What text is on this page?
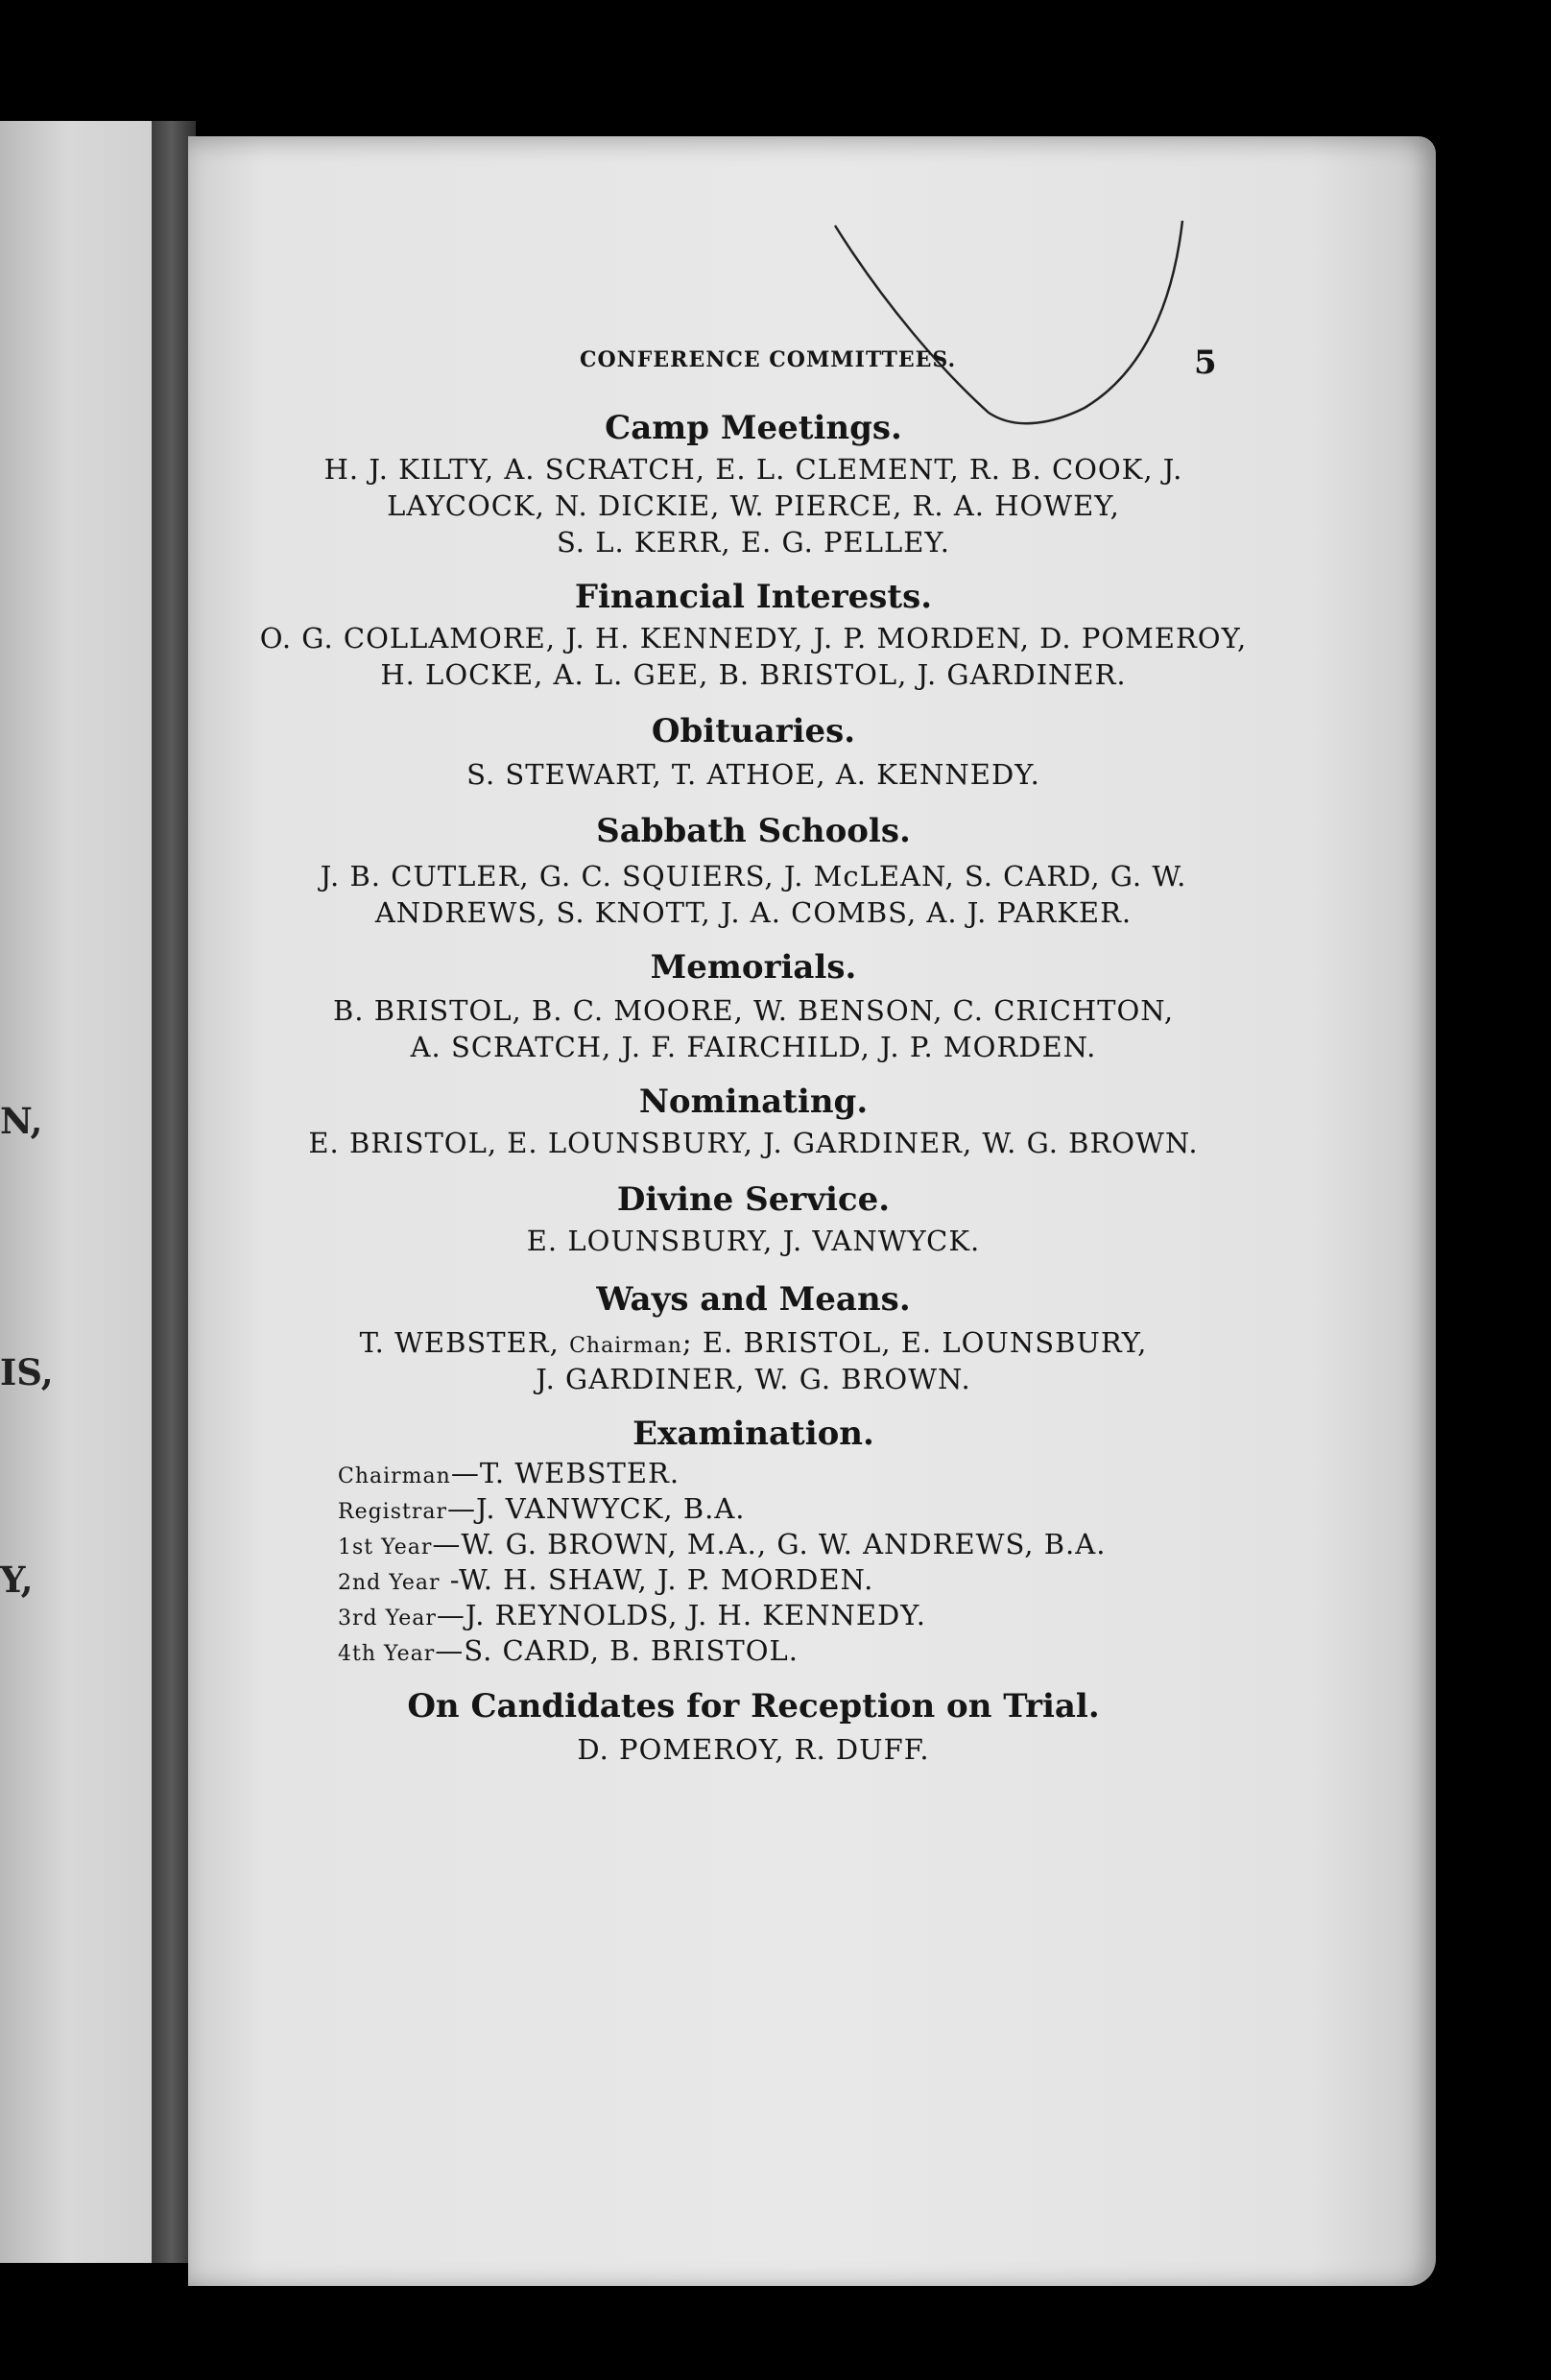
N,
IS,
Y,
CONFERENCE COMMITTEES.	5
Camp Meetings.
H. J. KILTY, A. SCRATCH, E. L. CLEMENT, R. B. COOK, J.
LAYCOCK, N. DICKIE, W. PIERCE, R. A. HOWEY,
S. L. KERR, E. G. PELLEY.
Financial Interests.
O. G. COLLAMORE, J. H. KENNEDY, J. P. MORDEN, D. POMEROY,
H. LOCKE, A. L. GEE, B. BRISTOL, J. GARDINER.
Obituaries.
S. STEWART, T. ATHOE, A. KENNEDY.
Sabbath Schools.
J. B. CUTLER, G. C. SQUIERS, J. McLEAN, S. CARD, G. W.
ANDREWS, S. KNOTT, J. A. COMBS, A. J. PARKER.
Memorials.
B. BRISTOL, B. C. MOORE, W. BENSON, C. CRICHTON,
A. SCRATCH, J. F. FAIRCHILD, J. P. MORDEN.
Nominating.
E. BRISTOL, E. LOUNSBURY, J. GARDINER, W. G. BROWN.
Divine Service.
E. LOUNSBURY, J. VANWYCK.
Ways and Means.
T. WEBSTER, Chairman; E. BRISTOL, E. LOUNSBURY,
J. GARDINER, W. G. BROWN.
Examination.
Chairman—T. WEBSTER.
Registrar—J. VANWYCK, B.A.
1st Year—W. G. BROWN, M.A., G. W. ANDREWS, B.A.
2nd Year -W. H. SHAW, J. P. MORDEN.
3rd Year—J. REYNOLDS, J. H. KENNEDY.
4th Year—S. CARD, B. BRISTOL.
On Candidates for Reception on Trial.
D. POMEROY, R. DUFF.
